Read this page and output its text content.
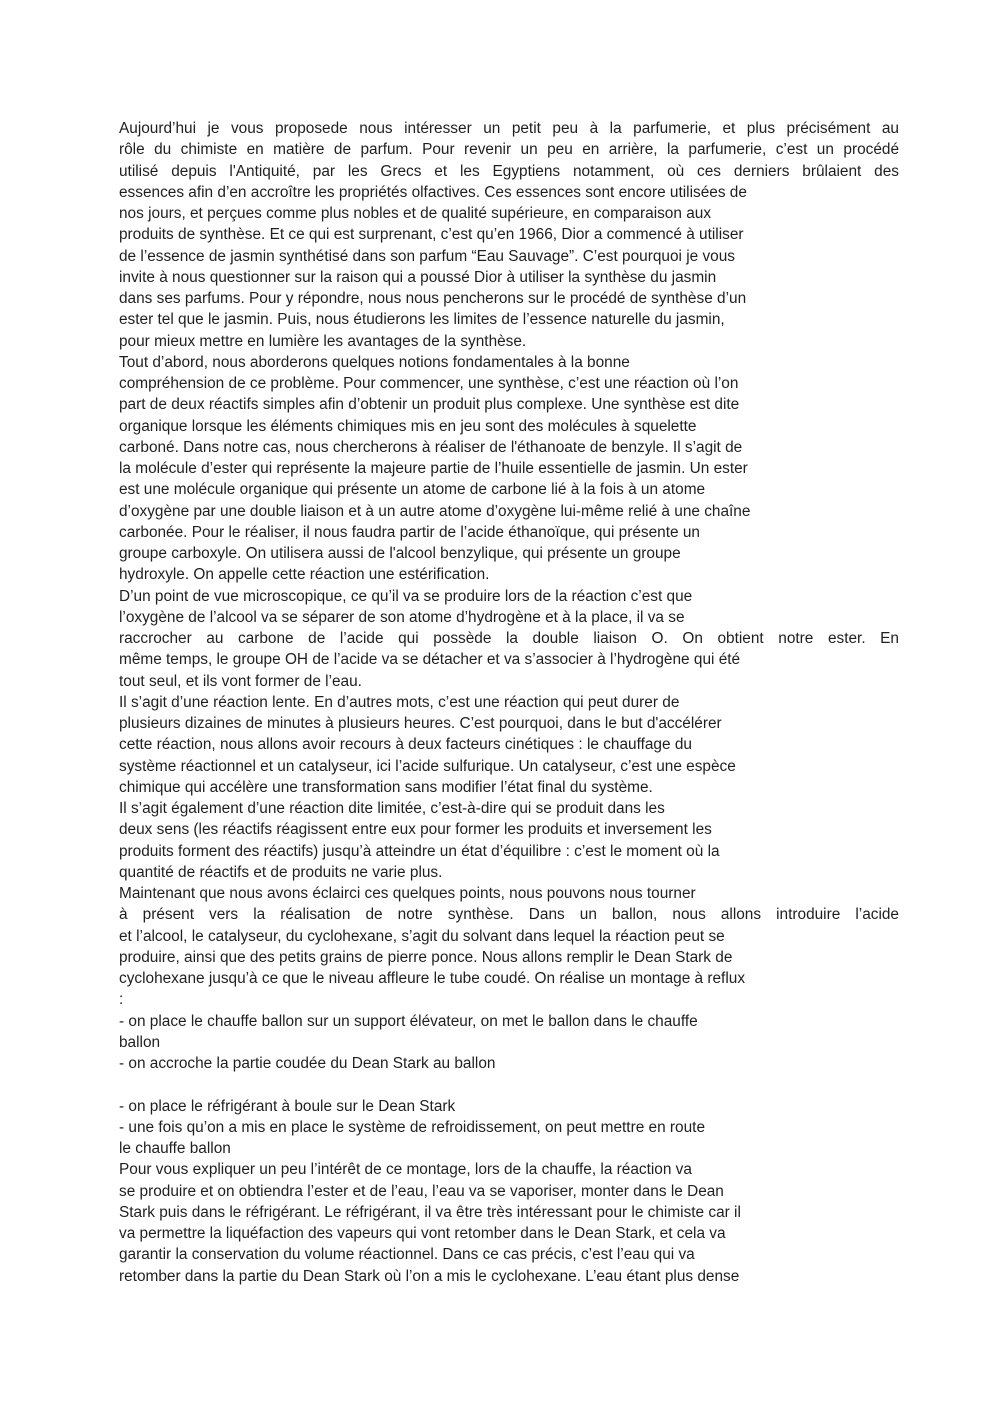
Aujourd’hui je vous proposede nous intéresser un petit peu à la parfumerie, et plus précisément au
rôle du chimiste en matière de parfum. Pour revenir un peu en arrière, la parfumerie, c’est un procédé
utilisé depuis l'Antiquité, par les Grecs et les Egyptiens notamment, où ces derniers brûlaient des
essences afin d’en accroître les propriétés olfactives. Ces essences sont encore utilisées de
nos jours, et perçues comme plus nobles et de qualité supérieure, en comparaison aux
produits de synthèse. Et ce qui est surprenant, c’est qu’en 1966, Dior a commencé à utiliser
de l’essence de jasmin synthétisé dans son parfum “Eau Sauvage”. C’est pourquoi je vous
invite à nous questionner sur la raison qui a poussé Dior à utiliser la synthèse du jasmin
dans ses parfums. Pour y répondre, nous nous pencherons sur le procédé de synthèse d’un
ester tel que le jasmin. Puis, nous étudierons les limites de l’essence naturelle du jasmin,
pour mieux mettre en lumière les avantages de la synthèse.
Tout d’abord, nous aborderons quelques notions fondamentales à la bonne
compréhension de ce problème. Pour commencer, une synthèse, c’est une réaction où l’on
part de deux réactifs simples afin d’obtenir un produit plus complexe. Une synthèse est dite
organique lorsque les éléments chimiques mis en jeu sont des molécules à squelette
carboné. Dans notre cas, nous chercherons à réaliser de l'éthanoate de benzyle. Il s’agit de
la molécule d’ester qui représente la majeure partie de l’huile essentielle de jasmin. Un ester
est une molécule organique qui présente un atome de carbone lié à la fois à un atome
d’oxygène par une double liaison et à un autre atome d’oxygène lui-même relié à une chaîne
carbonée. Pour le réaliser, il nous faudra partir de l’acide éthanoïque, qui présente un
groupe carboxyle. On utilisera aussi de l'alcool benzylique, qui présente un groupe
hydroxyle. On appelle cette réaction une estérification.
D’un point de vue microscopique, ce qu’il va se produire lors de la réaction c’est que
l’oxygène de l’alcool va se séparer de son atome d’hydrogène et à la place, il va se
raccrocher au carbone de l’acide qui possède la double liaison O. On obtient notre ester. En
même temps, le groupe OH de l’acide va se détacher et va s’associer à l’hydrogène qui été
tout seul, et ils vont former de l’eau.
Il s’agit d’une réaction lente. En d’autres mots, c’est une réaction qui peut durer de
plusieurs dizaines de minutes à plusieurs heures. C’est pourquoi, dans le but d'accélérer
cette réaction, nous allons avoir recours à deux facteurs cinétiques : le chauffage du
système réactionnel et un catalyseur, ici l’acide sulfurique. Un catalyseur, c’est une espèce
chimique qui accélère une transformation sans modifier l’état final du système.
Il s’agit également d’une réaction dite limitée, c’est-à-dire qui se produit dans les
deux sens (les réactifs réagissent entre eux pour former les produits et inversement les
produits forment des réactifs) jusqu’à atteindre un état d’équilibre : c’est le moment où la
quantité de réactifs et de produits ne varie plus.
Maintenant que nous avons éclairci ces quelques points, nous pouvons nous tourner
à présent vers la réalisation de notre synthèse. Dans un ballon, nous allons introduire l’acide
et l’alcool, le catalyseur, du cyclohexane, s’agit du solvant dans lequel la réaction peut se
produire, ainsi que des petits grains de pierre ponce. Nous allons remplir le Dean Stark de
cyclohexane jusqu’à ce que le niveau affleure le tube coudé. On réalise un montage à reflux
:
- on place le chauffe ballon sur un support élévateur, on met le ballon dans le chauffe
ballon
- on accroche la partie coudée du Dean Stark au ballon
- on place le réfrigérant à boule sur le Dean Stark
- une fois qu’on a mis en place le système de refroidissement, on peut mettre en route
le chauffe ballon
Pour vous expliquer un peu l’intérêt de ce montage, lors de la chauffe, la réaction va
se produire et on obtiendra l’ester et de l’eau, l’eau va se vaporiser, monter dans le Dean
Stark puis dans le réfrigérant. Le réfrigérant, il va être très intéressant pour le chimiste car il
va permettre la liquéfaction des vapeurs qui vont retomber dans le Dean Stark, et cela va
garantir la conservation du volume réactionnel. Dans ce cas précis, c’est l’eau qui va
retomber dans la partie du Dean Stark où l’on a mis le cyclohexane. L’eau étant plus dense
